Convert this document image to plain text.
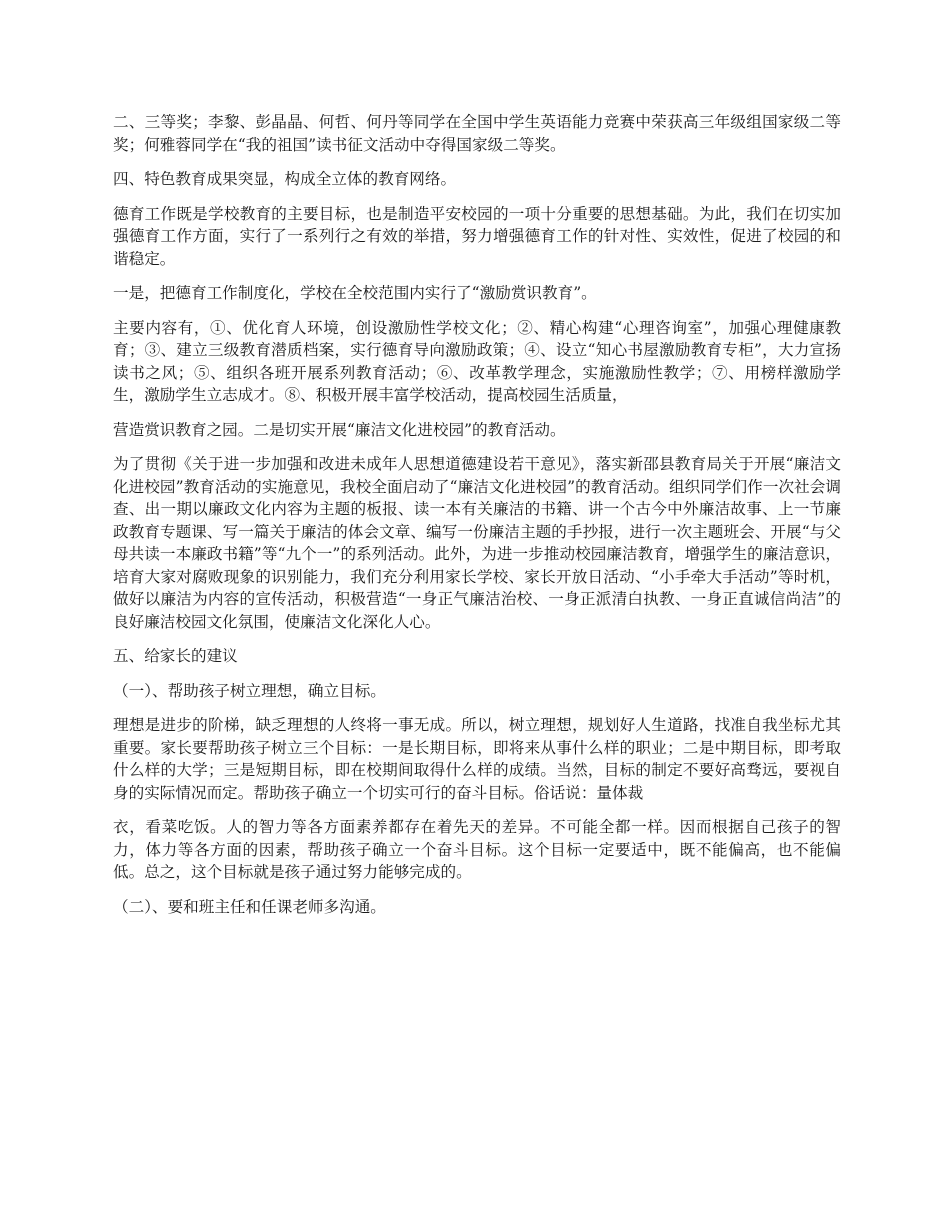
二、三等奖；李黎、彭晶晶、何哲、何丹等同学在全国中学生英语能力竞赛中荣获高三年级组国家级二等奖；何雅蓉同学在“我的祖国”读书征文活动中夺得国家级二等奖。

四、特色教育成果突显，构成全立体的教育网络。

德育工作既是学校教育的主要目标，也是制造平安校园的一项十分重要的思想基础。为此，我们在切实加强德育工作方面，实行了一系列行之有效的举措，努力增强德育工作的针对性、实效性，促进了校园的和谐稳定。

一是，把德育工作制度化，学校在全校范围内实行了“激励赏识教育”。

主要内容有，①、优化育人环境，创设激励性学校文化；②、精心构建“心理咨询室”，加强心理健康教育；③、建立三级教育潜质档案，实行德育导向激励政策；④、设立“知心书屋激励教育专柜”，大力宣扬读书之风；⑤、组织各班开展系列教育活动；⑥、改革教学理念，实施激励性教学；⑦、用榜样激励学生，激励学生立志成才。⑧、积极开展丰富学校活动，提高校园生活质量，

营造赏识教育之园。二是切实开展“廉洁文化进校园”的教育活动。

为了贯彻《关于进一步加强和改进未成年人思想道德建设若干意见》，落实新邵县教育局关于开展“廉洁文化进校园”教育活动的实施意见，我校全面启动了“廉洁文化进校园”的教育活动。组织同学们作一次社会调查、出一期以廉政文化内容为主题的板报、读一本有关廉洁的书籍、讲一个古今中外廉洁故事、上一节廉政教育专题课、写一篇关于廉洁的体会文章、编写一份廉洁主题的手抄报，进行一次主题班会、开展“与父母共读一本廉政书籍”等“九个一”的系列活动。此外，为进一步推动校园廉洁教育，增强学生的廉洁意识，培育大家对腐败现象的识别能力，我们充分利用家长学校、家长开放日活动、“小手牵大手活动”等时机，做好以廉洁为内容的宣传活动，积极营造“一身正气廉洁治校、一身正派清白执教、一身正直诚信尚洁”的良好廉洁校园文化氛围，使廉洁文化深化人心。

五、给家长的建议

（一）、帮助孩子树立理想，确立目标。

理想是进步的阶梯，缺乏理想的人终将一事无成。所以，树立理想，规划好人生道路，找准自我坐标尤其重要。家长要帮助孩子树立三个目标：一是长期目标，即将来从事什么样的职业；二是中期目标，即考取什么样的大学；三是短期目标，即在校期间取得什么样的成绩。当然，目标的制定不要好高骛远，要视自身的实际情况而定。帮助孩子确立一个切实可行的奋斗目标。俗话说：量体裁

衣，看菜吃饭。人的智力等各方面素养都存在着先天的差异。不可能全都一样。因而根据自己孩子的智力，体力等各方面的因素，帮助孩子确立一个奋斗目标。这个目标一定要适中，既不能偏高，也不能偏低。总之，这个目标就是孩子通过努力能够完成的。

（二）、要和班主任和任课老师多沟通。
